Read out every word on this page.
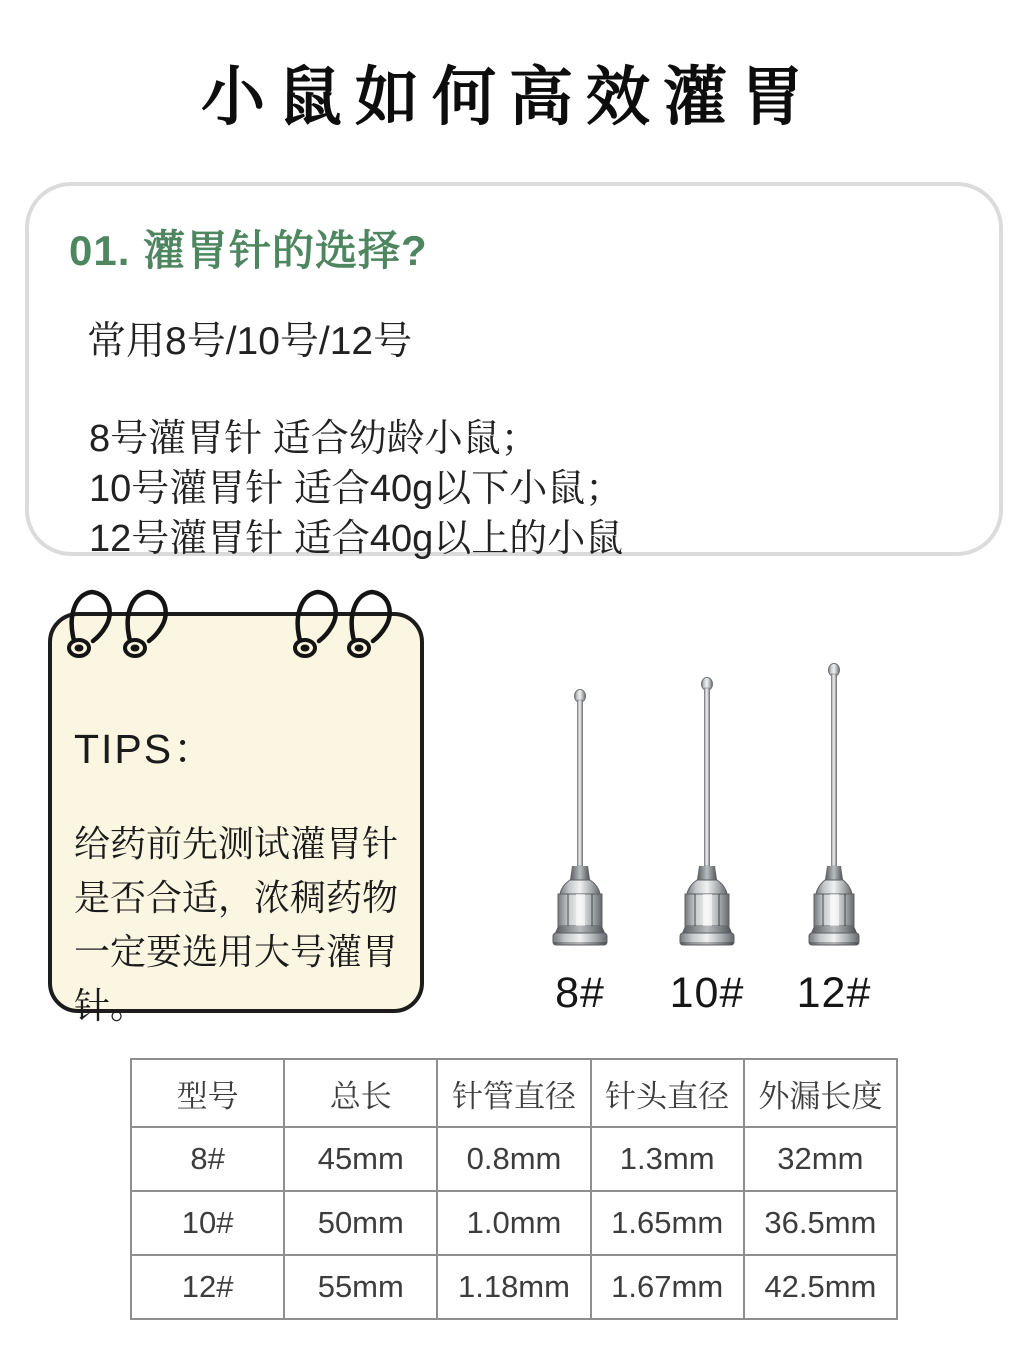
小鼠如何高效灌胃
01. 灌胃针的选择?

常用8号/10号/12号

8号灌胃针 适合幼龄小鼠；
10号灌胃针 适合40g以下小鼠；
12号灌胃针 适合40g以上的小鼠
TIPS：
给药前先测试灌胃针是否合适，浓稠药物一定要选用大号灌胃针。	8# 10# 12#
型号	总长	针管直径	针头直径	外漏长度
8#	45mm	0.8mm	1.3mm	32mm
10#	50mm	1.0mm	1.65mm	36.5mm
12#	55mm	1.18mm	1.67mm	42.5mm
